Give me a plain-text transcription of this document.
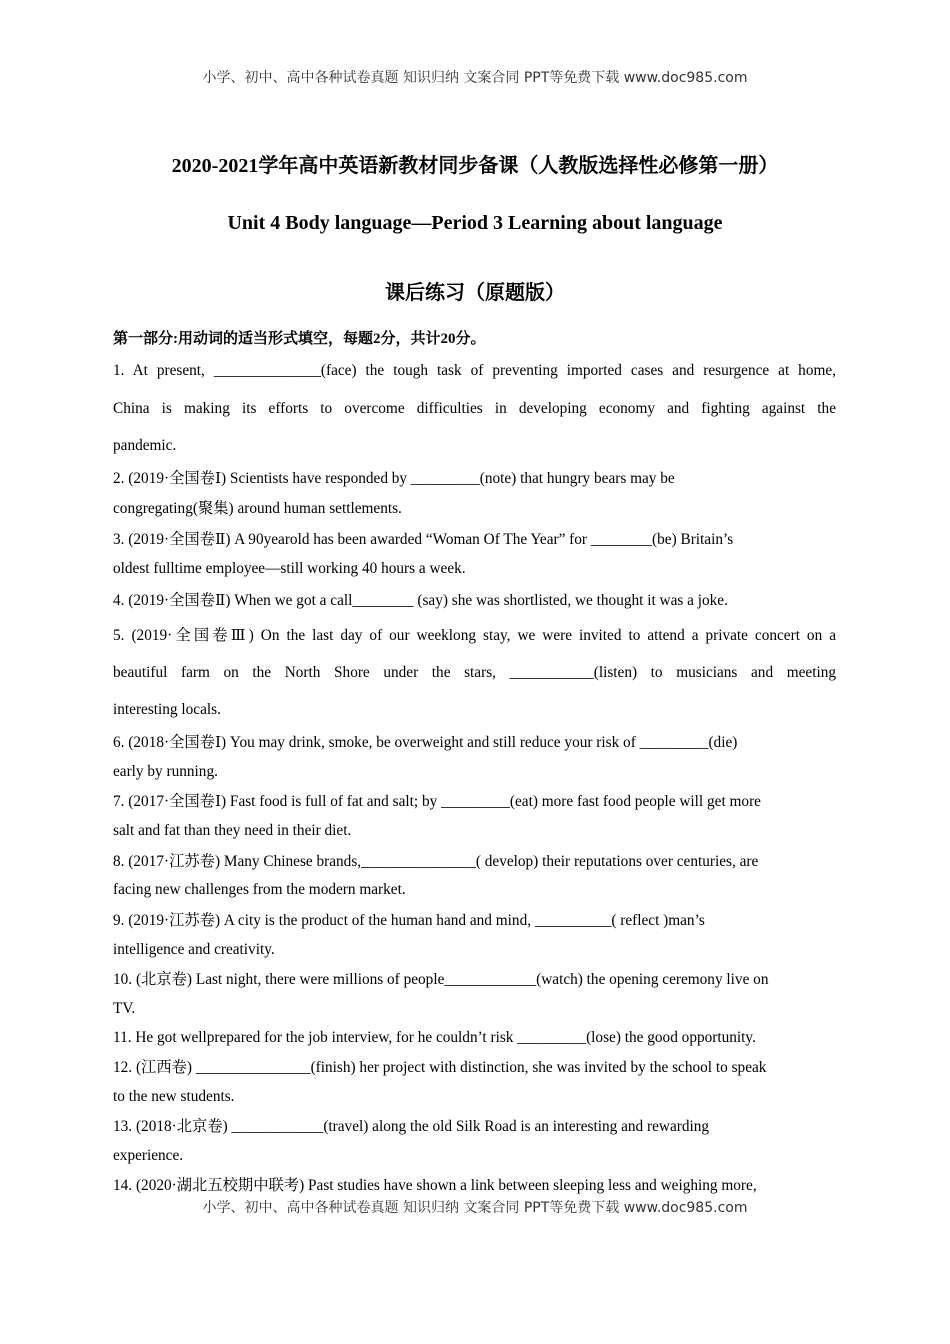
小学、初中、高中各种试卷真题 知识归纳 文案合同 PPT等免费下载 www.doc985.com
2020-2021学年高中英语新教材同步备课（人教版选择性必修第一册）
Unit 4 Body language—Period 3 Learning about language
课后练习（原题版）
第一部分:用动词的适当形式填空，每题2分，共计20分。
1. At present, ______________(face) the tough task of preventing imported cases and resurgence at home,
China is making its efforts to overcome difficulties in developing economy and fighting against the
pandemic.
2. (2019·全国卷Ⅰ) Scientists have responded by _________(note) that hungry bears may be
congregating(聚集) around human settlements.
3. (2019·全国卷Ⅱ) A 90yearold has been awarded “Woman Of The Year” for ________(be) Britain’s
oldest fulltime employee—still working 40 hours a week.
4. (2019·全国卷Ⅱ) When we got a call________ (say) she was shortlisted, we thought it was a joke.
5. (2019·全国卷Ⅲ) On the last day of our weeklong stay, we were invited to attend a private concert on a
beautiful farm on the North Shore under the stars, ___________(listen) to musicians and meeting
interesting locals.
6. (2018·全国卷Ⅰ) You may drink, smoke, be overweight and still reduce your risk of _________(die)
early by running.
7. (2017·全国卷Ⅰ) Fast food is full of fat and salt; by _________(eat) more fast food people will get more
salt and fat than they need in their diet.
8. (2017·江苏卷) Many Chinese brands,_______________( develop) their reputations over centuries, are
facing new challenges from the modern market.
9. (2019·江苏卷) A city is the product of the human hand and mind, __________( reflect )man’s
intelligence and creativity.
10. (北京卷) Last night, there were millions of people____________(watch) the opening ceremony live on
TV.
11. He got wellprepared for the job interview, for he couldn’t risk _________(lose) the good opportunity.
12. (江西卷) _______________(finish) her project with distinction, she was invited by the school to speak
to the new students.
13. (2018·北京卷) ____________(travel) along the old Silk Road is an interesting and rewarding
experience.
14. (2020·湖北五校期中联考) Past studies have shown a link between sleeping less and weighing more,
小学、初中、高中各种试卷真题 知识归纳 文案合同 PPT等免费下载 www.doc985.com
